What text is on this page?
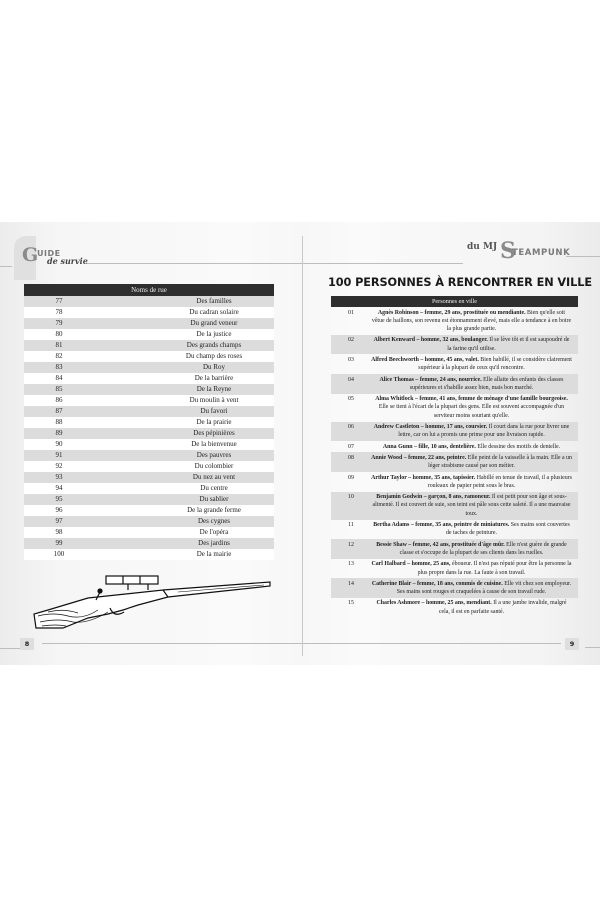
G
UIDE
de survie
du MJ S
TEAMPUNK
Noms de rue
77	Des familles
78	Du cadran solaire
79	Du grand veneur
80	De la justice
81	Des grands champs
82	Du champ des roses
83	Du Roy
84	De la barrière
85	De la Reyne
86	Du moulin à vent
87	Du favori
88	De la prairie
89	Des pépinières
90	De la bienvenue
91	Des pauvres
92	Du colombier
93	Du nez au vent
94	Du centre
95	Du sablier
96	De la grande ferme
97	Des cygnes
98	De l'opéra
99	Des jardins
100	De la mairie
8
100 PERSONNES À RENCONTRER EN VILLE
Personnes en ville
01	Agnès Robinson – femme, 29 ans, prostituée ou mendiante. Bien qu'elle soit vêtue de haillons, son revenu est étonnamment élevé, mais elle a tendance à en boire la plus grande partie.
02	Albert Kenward – homme, 32 ans, boulanger. Il se lève tôt et il est saupoudré de la farine qu'il utilise.
03	Alfred Beechworth – homme, 45 ans, valet. Bien habillé, il se considère clairement supérieur à la plupart de ceux qu'il rencontre.
04	Alice Thomas – femme, 24 ans, nourrice. Elle allaite des enfants des classes supérieures et s'habille assez bien, mais bon marché.
05	Alma Whitlock – femme, 41 ans, femme de ménage d'une famille bourgeoise. Elle se tient à l'écart de la plupart des gens. Elle est souvent accompagnée d'un serviteur moins souriant qu'elle.
06	Andrew Castleton – homme, 17 ans, coursier. Il court dans la rue pour livrer une lettre, car on lui a promis une prime pour une livraison rapide.
07	Anna Gunn – fille, 10 ans, dentelière. Elle dessine des motifs de dentelle.
08	Annie Wood – femme, 22 ans, peintre. Elle peint de la vaisselle à la main. Elle a un léger strabisme causé par son métier.
09	Arthur Taylor – homme, 35 ans, tapissier. Habillé en tenue de travail, il a plusieurs rouleaux de papier peint sous le bras.
10	Benjamin Godwin – garçon, 8 ans, ramoneur. Il est petit pour son âge et sous-alimenté. Il est couvert de suie, son teint est pâle sous cette saleté. Il a une mauvaise toux.
11	Bertha Adams – femme, 35 ans, peintre de miniatures. Ses mains sont couvertes de taches de peinture.
12	Bessie Shaw – femme, 42 ans, prostituée d'âge mûr. Elle n'est guère de grande classe et s'occupe de la plupart de ses clients dans les ruelles.
13	Carl Halbard – homme, 25 ans, éboueur. Il n'est pas réputé pour être la personne la plus propre dans la rue. La faute à son travail.
14	Catherine Blair – femme, 18 ans, commis de cuisine. Elle vit chez son employeur. Ses mains sont rouges et craquelées à cause de son travail rude.
15	Charles Ashmore – homme, 25 ans, mendiant. Il a une jambe invalide, malgré cela, il est en parfaite santé.
9
